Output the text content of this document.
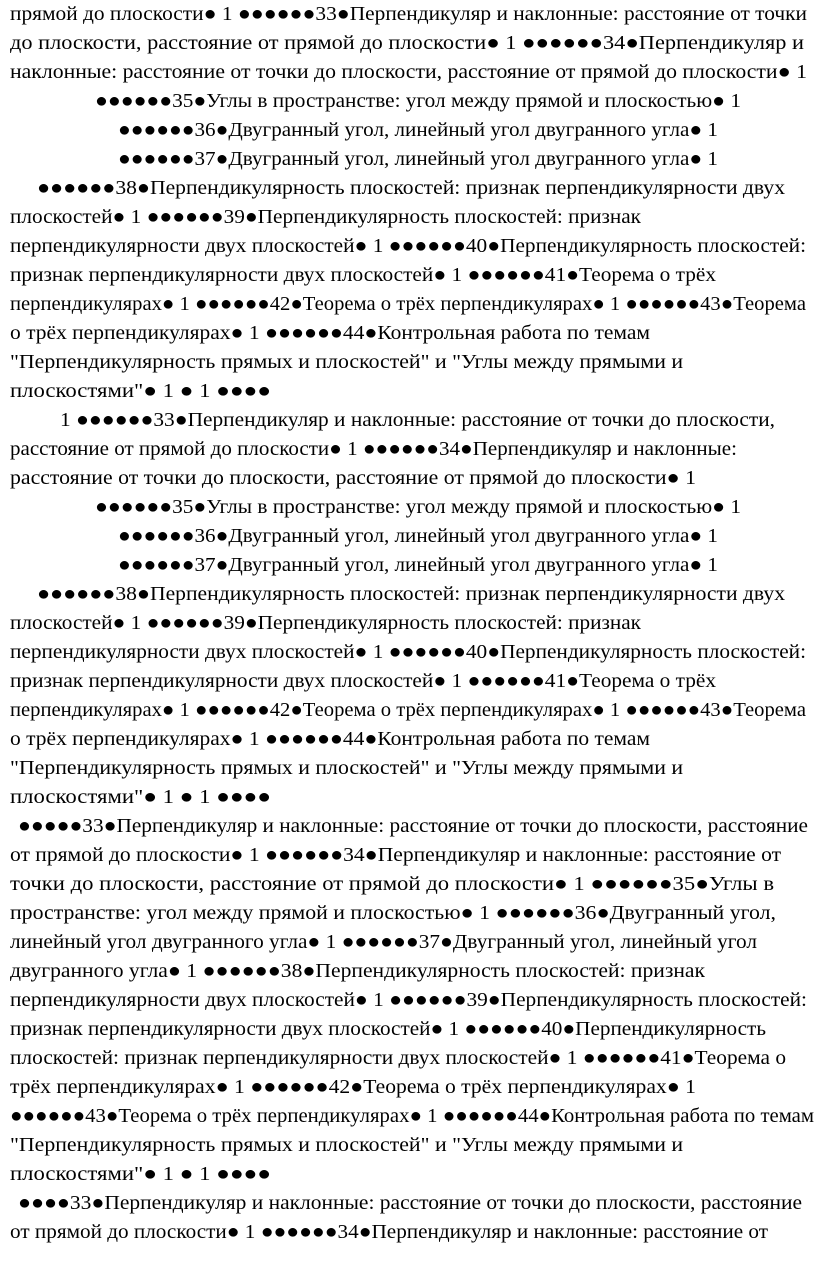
прямой до плоскости● 1 ●●●●●●33●Перпендикуляр и наклонные: расстояние от точки
до плоскости, расстояние от прямой до плоскости● 1 ●●●●●●34●Перпендикуляр и
наклонные: расстояние от точки до плоскости, расстояние от прямой до плоскости● 1
●●●●●●35●Углы в пространстве: угол между прямой и плоскостью● 1
●●●●●●36●Двугранный угол, линейный угол двугранного угла● 1
●●●●●●37●Двугранный угол, линейный угол двугранного угла● 1
●●●●●●38●Перпендикулярность плоскостей: признак перпендикулярности двух
плоскостей● 1 ●●●●●●39●Перпендикулярность плоскостей: признак
перпендикулярности двух плоскостей● 1 ●●●●●●40●Перпендикулярность плоскостей:
признак перпендикулярности двух плоскостей● 1 ●●●●●●41●Теорема о трёх
перпендикулярах● 1 ●●●●●●42●Теорема о трёх перпендикулярах● 1 ●●●●●●43●Теорема
о трёх перпендикулярах● 1 ●●●●●●44●Контрольная работа по темам
"Перпендикулярность прямых и плоскостей" и "Углы между прямыми и
плоскостями"● 1 ● 1 ●●●●
1 ●●●●●●33●Перпендикуляр и наклонные: расстояние от точки до плоскости,
расстояние от прямой до плоскости● 1 ●●●●●●34●Перпендикуляр и наклонные:
расстояние от точки до плоскости, расстояние от прямой до плоскости● 1
●●●●●●35●Углы в пространстве: угол между прямой и плоскостью● 1
●●●●●●36●Двугранный угол, линейный угол двугранного угла● 1
●●●●●●37●Двугранный угол, линейный угол двугранного угла● 1
●●●●●●38●Перпендикулярность плоскостей: признак перпендикулярности двух
плоскостей● 1 ●●●●●●39●Перпендикулярность плоскостей: признак
перпендикулярности двух плоскостей● 1 ●●●●●●40●Перпендикулярность плоскостей:
признак перпендикулярности двух плоскостей● 1 ●●●●●●41●Теорема о трёх
перпендикулярах● 1 ●●●●●●42●Теорема о трёх перпендикулярах● 1 ●●●●●●43●Теорема
о трёх перпендикулярах● 1 ●●●●●●44●Контрольная работа по темам
"Перпендикулярность прямых и плоскостей" и "Углы между прямыми и
плоскостями"● 1 ● 1 ●●●●
●●●●●33●Перпендикуляр и наклонные: расстояние от точки до плоскости, расстояние
от прямой до плоскости● 1 ●●●●●●34●Перпендикуляр и наклонные: расстояние от
точки до плоскости, расстояние от прямой до плоскости● 1 ●●●●●●35●Углы в
пространстве: угол между прямой и плоскостью● 1 ●●●●●●36●Двугранный угол,
линейный угол двугранного угла● 1 ●●●●●●37●Двугранный угол, линейный угол
двугранного угла● 1 ●●●●●●38●Перпендикулярность плоскостей: признак
перпендикулярности двух плоскостей● 1 ●●●●●●39●Перпендикулярность плоскостей:
признак перпендикулярности двух плоскостей● 1 ●●●●●●40●Перпендикулярность
плоскостей: признак перпендикулярности двух плоскостей● 1 ●●●●●●41●Теорема о
трёх перпендикулярах● 1 ●●●●●●42●Теорема о трёх перпендикулярах● 1
●●●●●●43●Теорема о трёх перпендикулярах● 1 ●●●●●●44●Контрольная работа по темам
"Перпендикулярность прямых и плоскостей" и "Углы между прямыми и
плоскостями"● 1 ● 1 ●●●●
●●●●33●Перпендикуляр и наклонные: расстояние от точки до плоскости, расстояние
от прямой до плоскости● 1 ●●●●●●34●Перпендикуляр и наклонные: расстояние от
